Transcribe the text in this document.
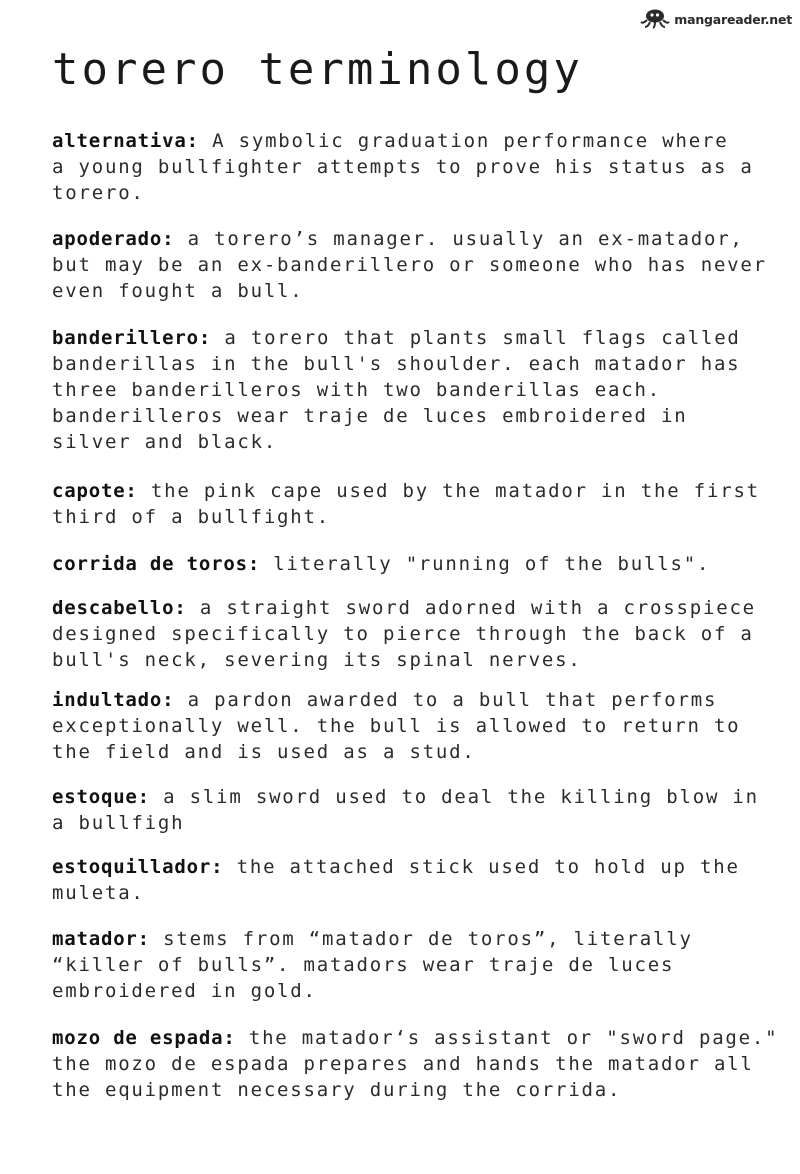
mangareader.net
torero terminology

alternativa: A symbolic graduation performance where
a young bullfighter attempts to prove his status as a
torero.

apoderado: a torero’s manager. usually an ex-matador,
but may be an ex-banderillero or someone who has never
even fought a bull.

banderillero: a torero that plants small flags called
banderillas in the bull's shoulder. each matador has
three banderilleros with two banderillas each.
banderilleros wear traje de luces embroidered in
silver and black.

capote: the pink cape used by the matador in the first
third of a bullfight.

corrida de toros: literally "running of the bulls".

descabello: a straight sword adorned with a crosspiece
designed specifically to pierce through the back of a
bull's neck, severing its spinal nerves.

indultado: a pardon awarded to a bull that performs
exceptionally well. the bull is allowed to return to
the field and is used as a stud.

estoque: a slim sword used to deal the killing blow in
a bullfigh

estoquillador: the attached stick used to hold up the
muleta.

matador: stems from “matador de toros”, literally
“killer of bulls”. matadors wear traje de luces
embroidered in gold.

mozo de espada: the matador‘s assistant or "sword page."
the mozo de espada prepares and hands the matador all
the equipment necessary during the corrida.
